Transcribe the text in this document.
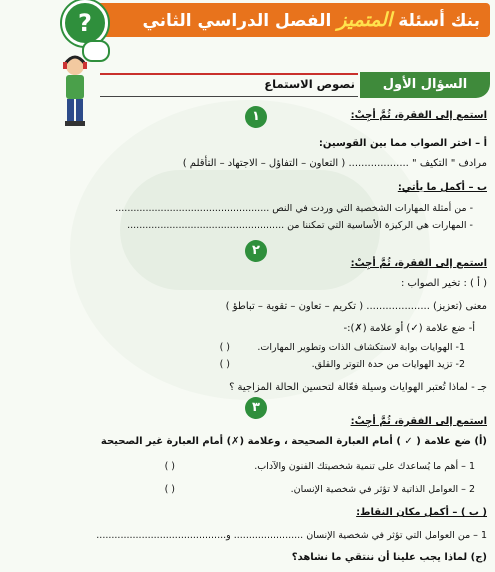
بنك أسئلة المتميز الفصل الدراسي الثاني
?
السؤال الأول
نصوص الاستماع
١	استمع إلى الفقرة، ثُمَّ أجِبْ:
أ – اختر الصواب مما بين القوسين:
مرادف " التكيف " ................... ( التعاون – التفاؤل – الاجتهاد – التأقلم )
ب – أكمل ما يأتي:
- من أمثلة المهارات الشخصية التي وردت في النص ...................................................
- المهارات هي الركيزة الأساسية التي تمكننا من ....................................................
٢
استمع إلى الفقرة، ثُمَّ أجِبْ:
( أ ) : تخير الصواب :
معنى (تعزيز) .................... ( تكريم – تعاون – تقوية – تباطؤ )
أ- ضع علامة (✓) أو علامة (✗):-
1- الهوايات بوابة لاستكشاف الذات وتطوير المهارات.
( )
2- تزيد الهوايات من حدة التوتر والقلق.
( )
جـ - لماذا تُعتبر الهوايات وسيلة فعّالة لتحسين الحالة المزاجية ؟
٣
استمع إلى الفقرة، ثُمَّ أجِبْ:
(أ) ضع علامة ( ✓ ) أمام العبارة الصحيحة ، وعلامة (✗) أمام العبارة غير الصحيحة
1 – أهم ما يُساعدك على تنمية شخصيتك الفنون والآداب.
( )
2 – العوامل الذاتية لا تؤثر في شخصية الإنسان.
( )
( ب ) – أكمل مكان النقاط:
1 – من العوامل التي تؤثر في شخصية الإنسان ....................... و...........................................
(ج) لماذا يجب علينا أن ننتقي ما نشاهد؟
